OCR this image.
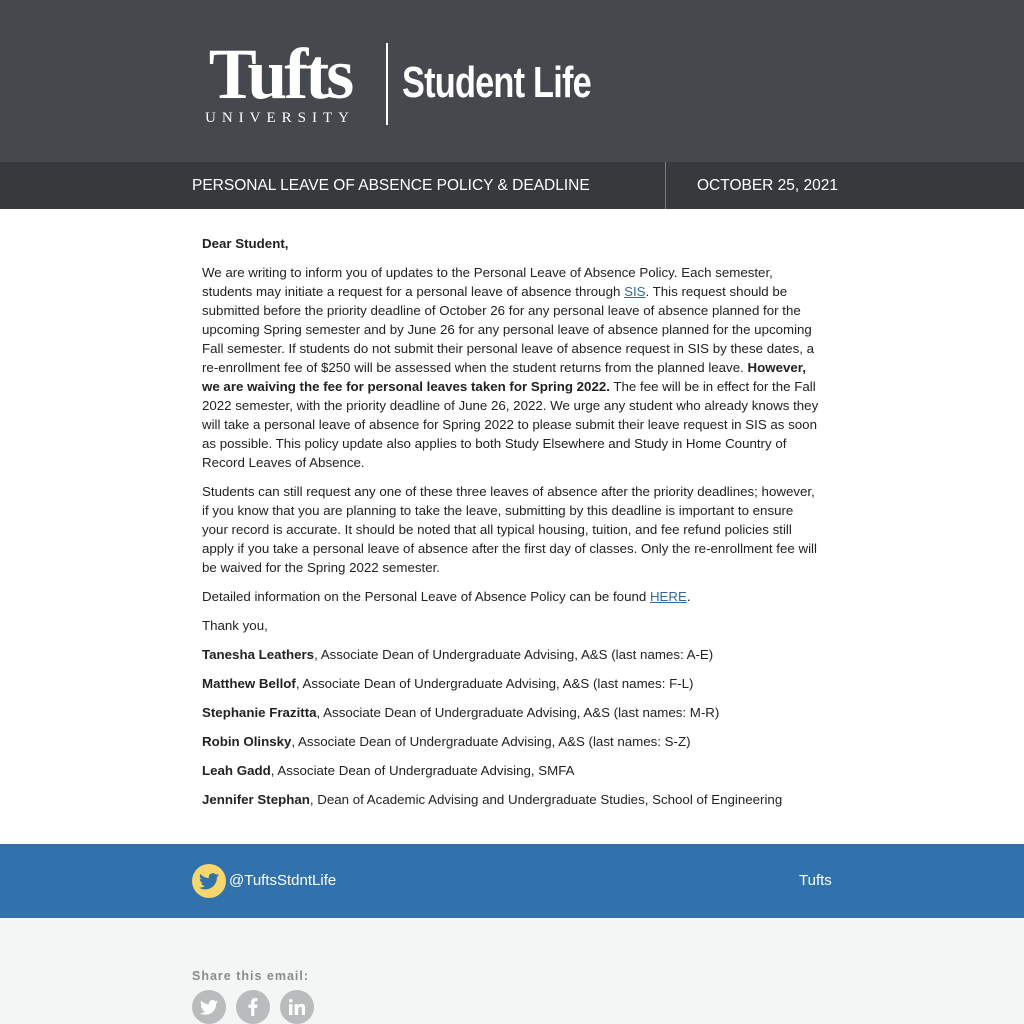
Tufts
UNIVERSITY
Student Life
PERSONAL LEAVE OF ABSENCE POLICY & DEADLINE	OCTOBER 25, 2021

Dear Student,

We are writing to inform you of updates to the Personal Leave of Absence Policy. Each semester, students may initiate a request for a personal leave of absence through SIS. This request should be submitted before the priority deadline of October 26 for any personal leave of absence planned for the upcoming Spring semester and by June 26 for any personal leave of absence planned for the upcoming Fall semester. If students do not submit their personal leave of absence request in SIS by these dates, a re-enrollment fee of $250 will be assessed when the student returns from the planned leave. However, we are waiving the fee for personal leaves taken for Spring 2022. The fee will be in effect for the Fall 2022 semester, with the priority deadline of June 26, 2022. We urge any student who already knows they will take a personal leave of absence for Spring 2022 to please submit their leave request in SIS as soon as possible. This policy update also applies to both Study Elsewhere and Study in Home Country of Record Leaves of Absence.

Students can still request any one of these three leaves of absence after the priority deadlines; however, if you know that you are planning to take the leave, submitting by this deadline is important to ensure your record is accurate. It should be noted that all typical housing, tuition, and fee refund policies still apply if you take a personal leave of absence after the first day of classes. Only the re-enrollment fee will be waived for the Spring 2022 semester.

Detailed information on the Personal Leave of Absence Policy can be found HERE.

Thank you,

Tanesha Leathers, Associate Dean of Undergraduate Advising, A&S (last names: A-E)

Matthew Bellof, Associate Dean of Undergraduate Advising, A&S (last names: F-L)

Stephanie Frazitta, Associate Dean of Undergraduate Advising, A&S (last names: M-R)

Robin Olinsky, Associate Dean of Undergraduate Advising, A&S (last names: S-Z)

Leah Gadd, Associate Dean of Undergraduate Advising, SMFA

Jennifer Stephan, Dean of Academic Advising and Undergraduate Studies, School of Engineering

@TuftsStdntLife	Tufts
Share this email:
